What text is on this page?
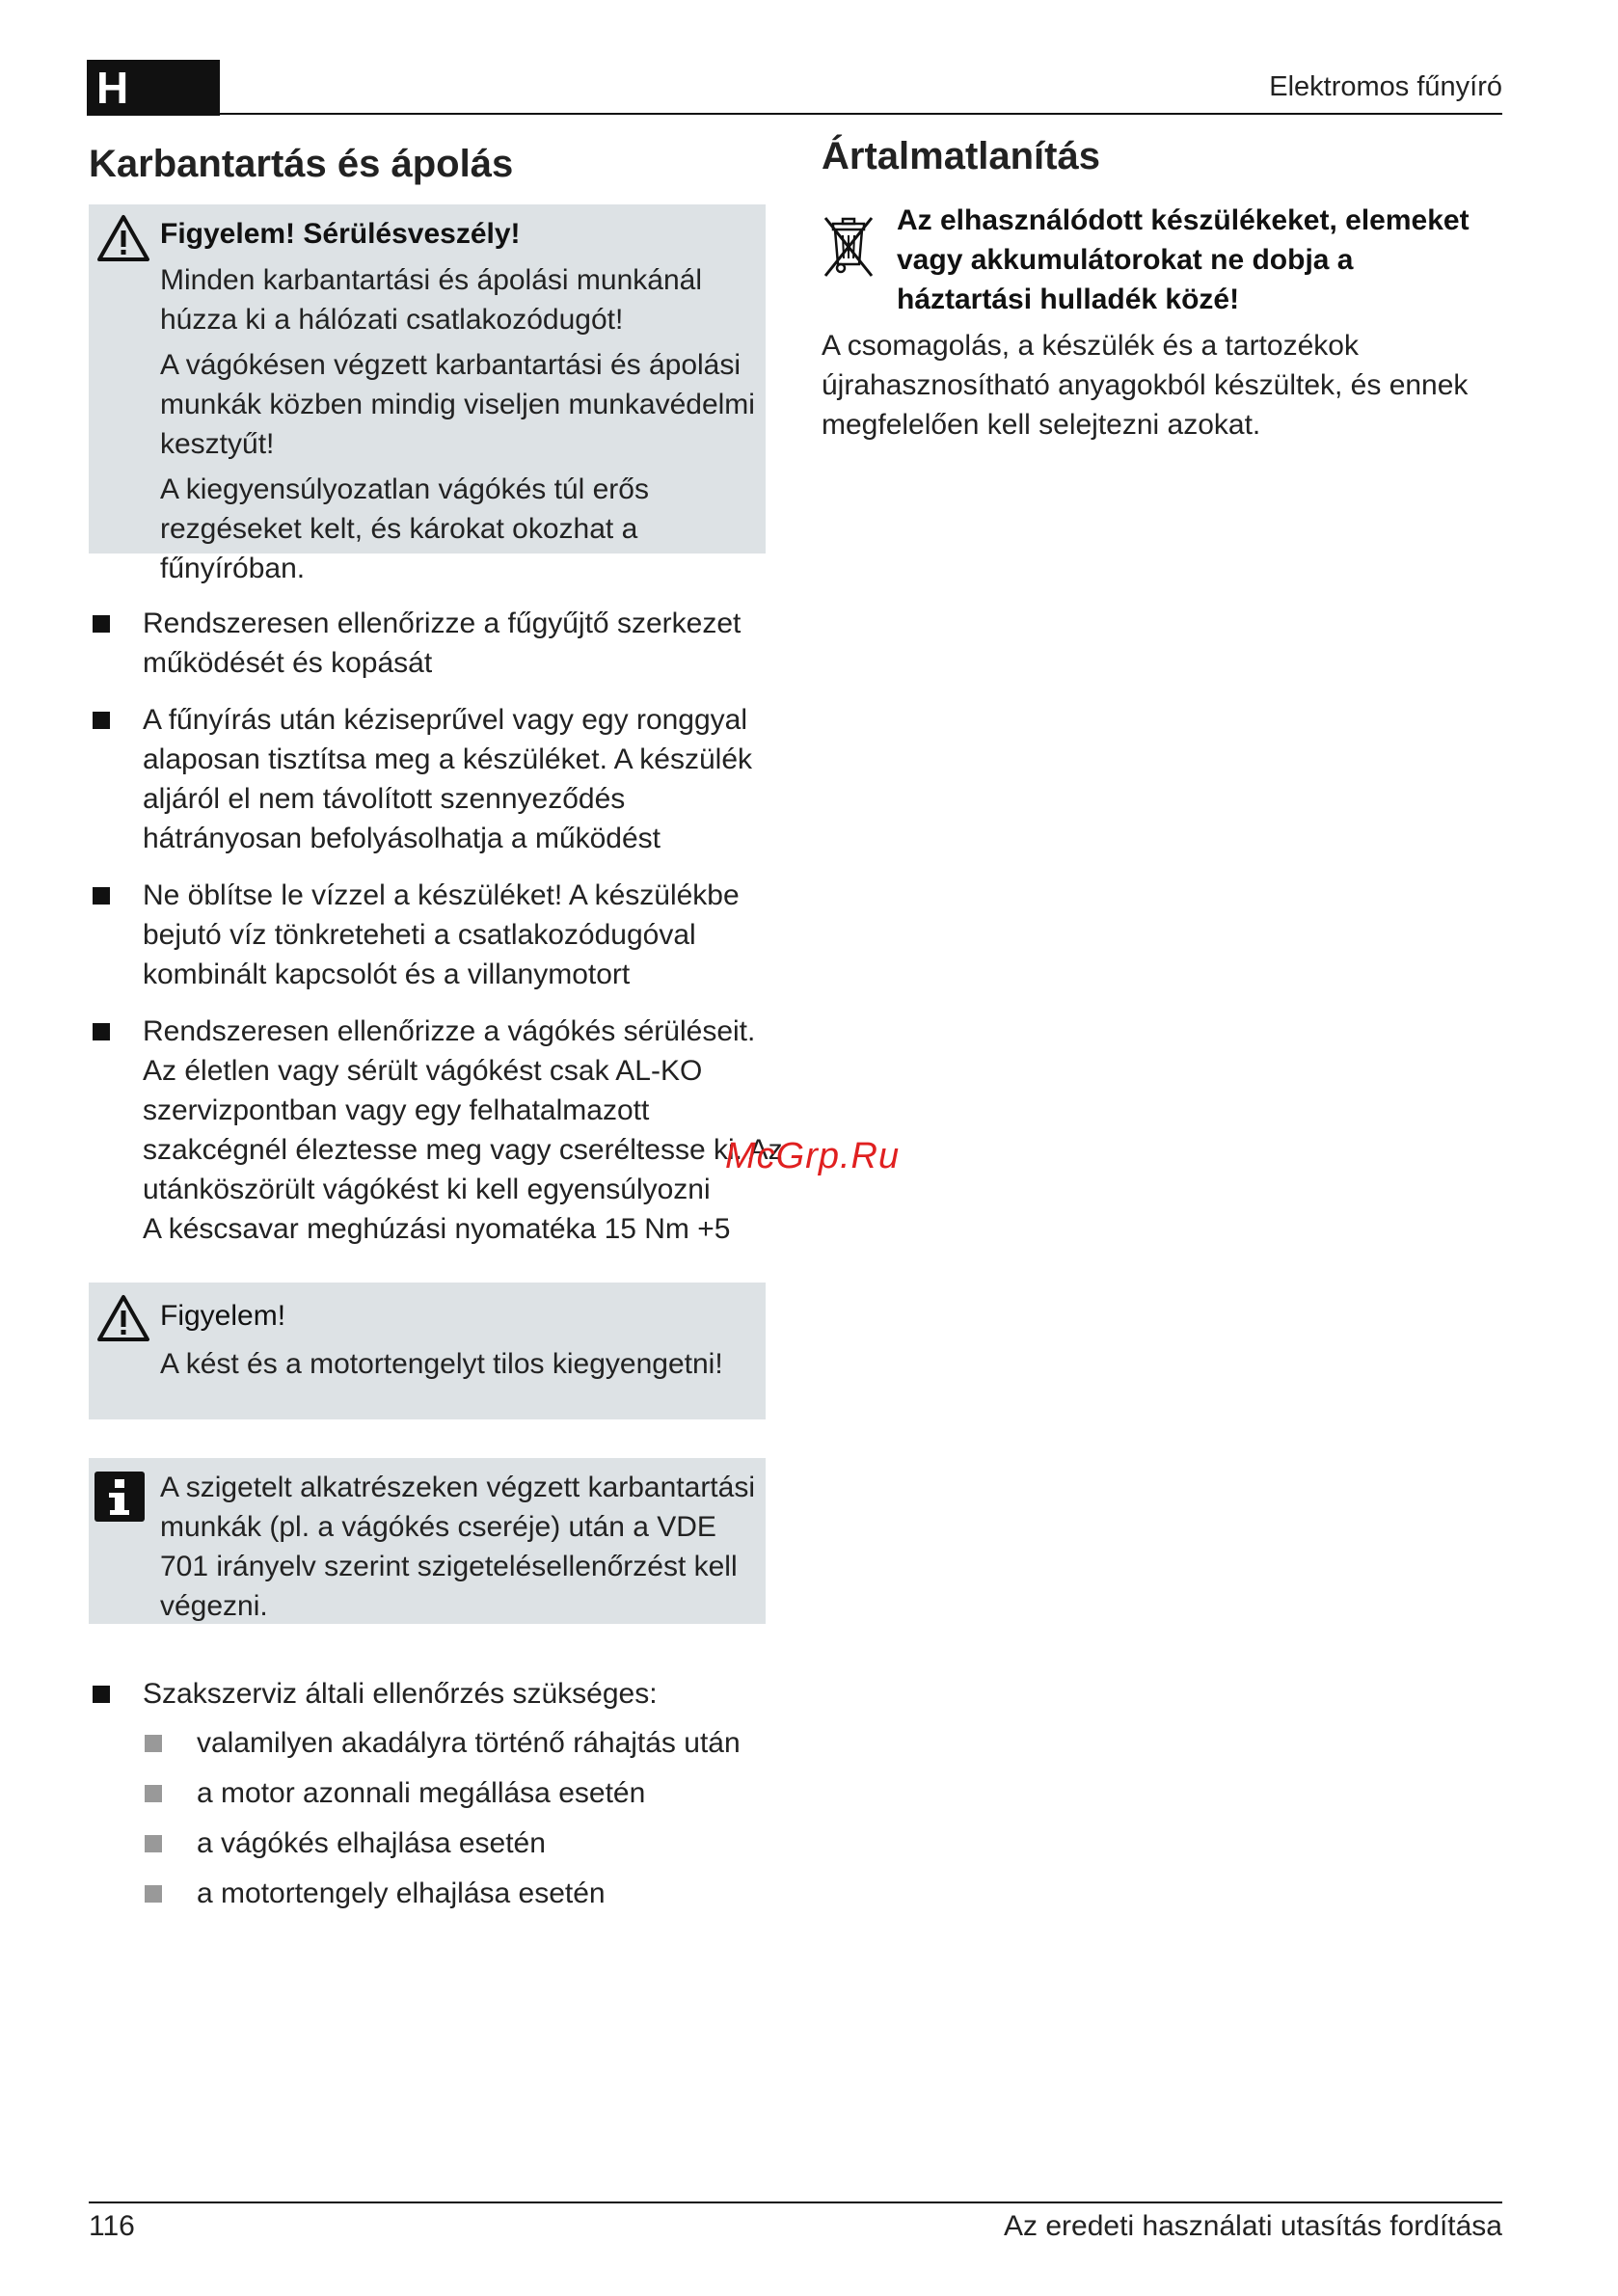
H	Elektromos fűnyíró
Karbantartás és ápolás
Figyelem! Sérülésveszély!

Minden karbantartási és ápolási munkánál húzza ki a hálózati csatlakozódugót!

A vágókésen végzett karbantartási és ápolási munkák közben mindig viseljen munkavédelmi kesztyűt!

A kiegyensúlyozatlan vágókés túl erős rezgéseket kelt, és károkat okozhat a fűnyíróban.

Rendszeresen ellenőrizze a fűgyűjtő szerkezet működését és kopását
A fűnyírás után kéziseprűvel vagy egy ronggyal alaposan tisztítsa meg a készüléket. A készülék aljáról el nem távolított szennyeződés hátrányosan befolyásolhatja a működést
Ne öblítse le vízzel a készüléket! A készülékbe bejutó víz tönkreteheti a csatlakozódugóval kombinált kapcsolót és a villanymotort
Rendszeresen ellenőrizze a vágókés sérüléseit. Az életlen vagy sérült vágókést csak AL-KO szervizpontban vagy egy felhatalmazott szakcégnél éleztesse meg vagy cseréltesse ki. Az utánköszörült vágókést ki kell egyensúlyozni
A késcsavar meghúzási nyomatéka 15 Nm +5
Figyelem!
A kést és a motortengelyt tilos kiegyengetni!
A szigetelt alkatrészeken végzett karbantartási munkák (pl. a vágókés cseréje) után a VDE 701 irányelv szerint szigetelésellenőrzést kell végezni.
Szakszerviz általi ellenőrzés szükséges:
valamilyen akadályra történő ráhajtás után
a motor azonnali megállása esetén
a vágókés elhajlása esetén
a motortengely elhajlása esetén
Ártalmatlanítás
Az elhasználódott készülékeket, elemeket vagy akkumulátorokat ne dobja a háztartási hulladék közé!
A csomagolás, a készülék és a tartozékok újrahasznosítható anyagokból készültek, és ennek megfelelően kell selejtezni azokat.
McGrp.Ru
116	Az eredeti használati utasítás fordítása
